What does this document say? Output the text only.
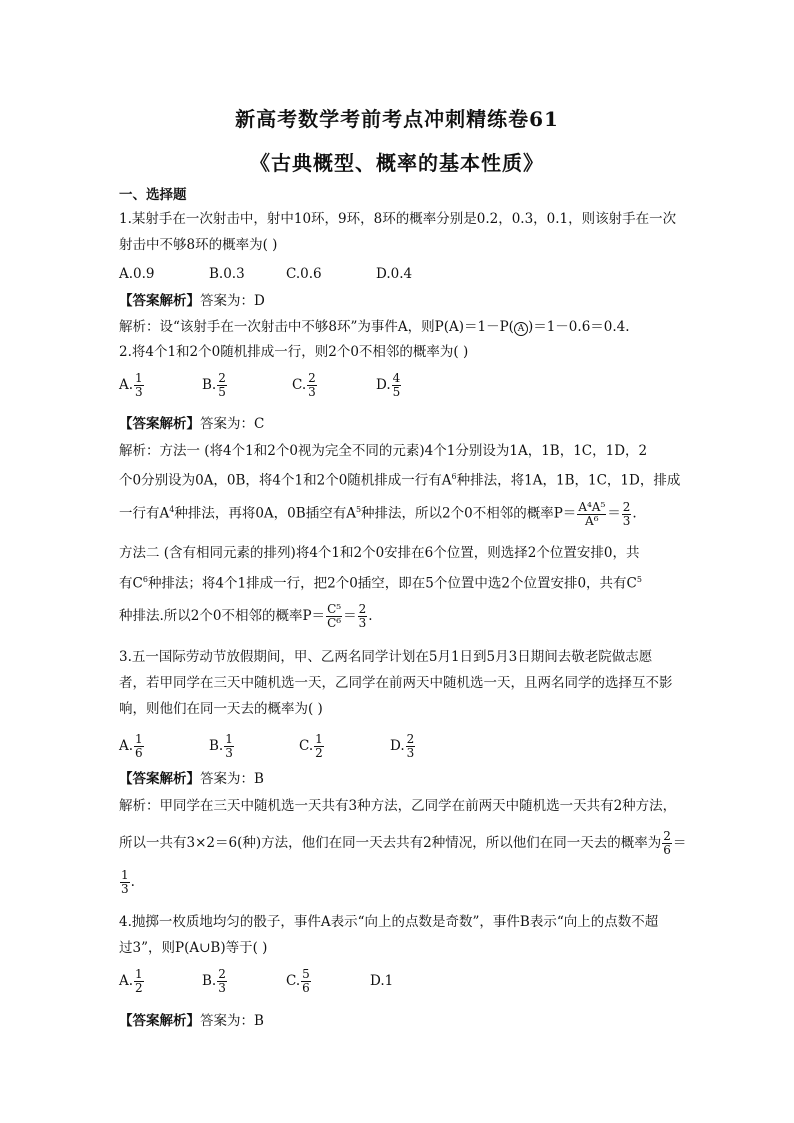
新高考数学考前考点冲刺精练卷61
《古典概型、概率的基本性质》
一、选择题
1.某射手在一次射击中，射中10环，9环，8环的概率分别是0.2，0.3，0.1，则该射手在一次
射击中不够8环的概率为( )
A.0.9	B.0.3	C.0.6	D.0.4
【答案解析】答案为：D
解析：设“该射手在一次射击中不够8环”为事件A，则P(A)＝1－P( A )＝1－0.6＝0.4.
2.将4个1和2个0随机排成一行，则2个0不相邻的概率为( )
A. $\frac{1}{3}$	B. $\frac{2}{5}$	C. $\frac{2}{3}$	D. $\frac{4}{5}$
【答案解析】答案为：C
解析：方法一 (将4个1和2个0视为完全不同的元素)4个1分别设为1A，1B，1C，1D，2
个0分别设为0A，0B，将4个1和2个0随机排成一行有$A^6$种排法，将1A，1B，1C，1D，排成
一行有$A^4$种排法，再将0A，0B插空有$A^5$种排法，所以2个0不相邻的概率$P= \frac{\text{A⁴A⁵}}{\text{A⁶}} = \frac{2}{3}$ .
方法二 (含有相同元素的排列)将4个1和2个0安排在6个位置，则选择2个位置安排0，共
有$C^6$种排法；将4个1排成一行，把2个0插空，即在5个位置中选2个位置安排0，共有$C^5$
种排法.所以2个0不相邻的概率$P= \frac{\text{C⁵}}{\text{C⁶}} = \frac{2}{3}$ .
3.五一国际劳动节放假期间，甲、乙两名同学计划在5月1日到5月3日期间去敬老院做志愿
者，若甲同学在三天中随机选一天，乙同学在前两天中随机选一天，且两名同学的选择互不影
响，则他们在同一天去的概率为( )
A. $\frac{1}{6}$	B. $\frac{1}{3}$	C. $\frac{1}{2}$	D. $\frac{2}{3}$
【答案解析】答案为：B
解析：甲同学在三天中随机选一天共有3种方法，乙同学在前两天中随机选一天共有2种方法，
所以一共有3×2＝6(种)方法，他们在同一天去共有2种情况，所以他们在同一天去的概率为 $\frac{2}{6}$ ＝
$\frac{1}{3}$ .
4.抛掷一枚质地均匀的骰子，事件A表示“向上的点数是奇数”，事件B表示“向上的点数不超
过3”，则P(A∪B)等于( )
A. $\frac{1}{2}$	B. $\frac{2}{3}$	C. $\frac{5}{6}$	D.1
【答案解析】答案为：B
